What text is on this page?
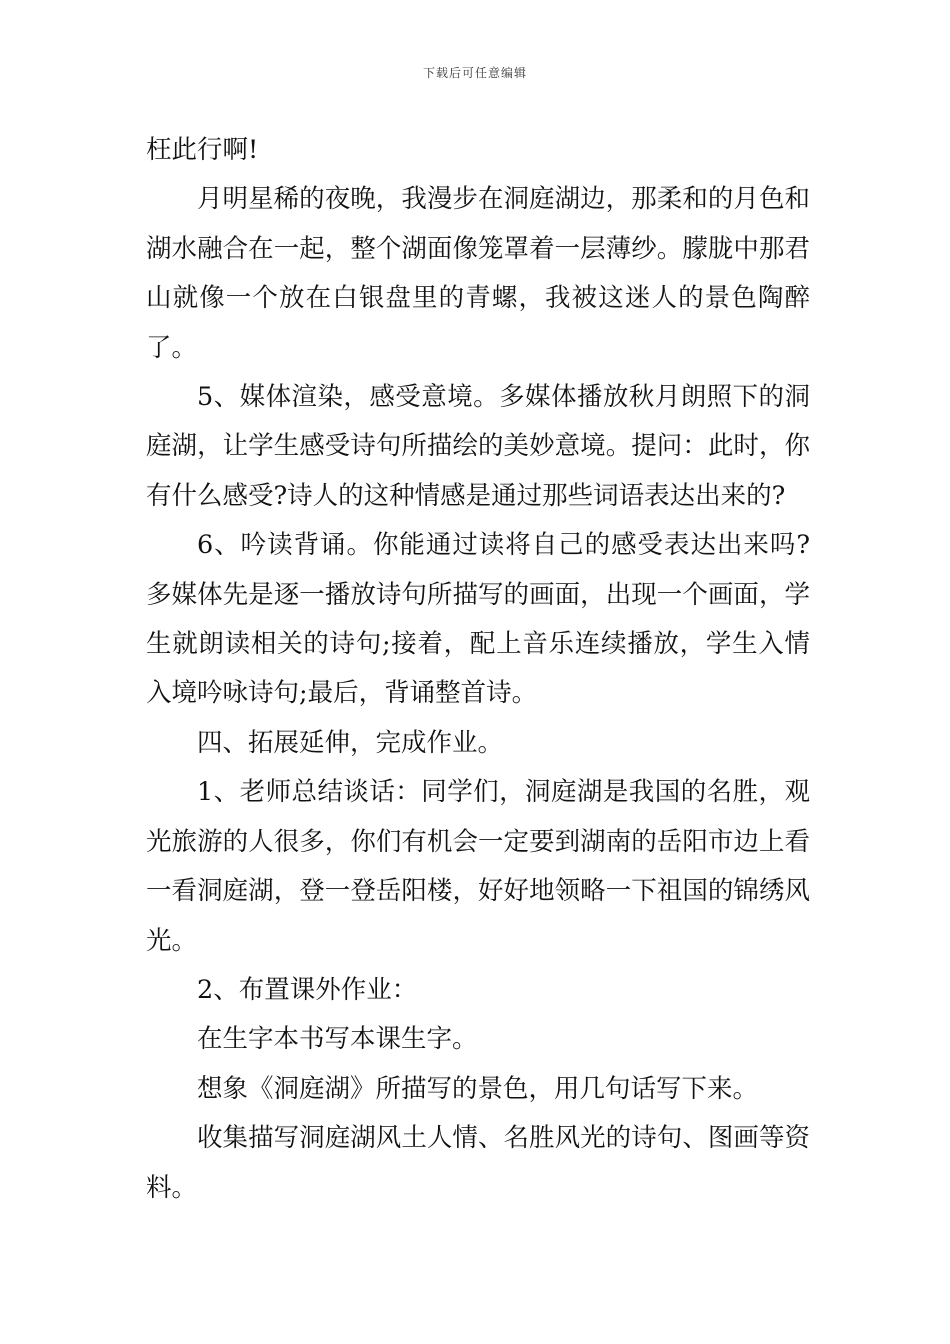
下载后可任意编辑

枉此行啊!

月明星稀的夜晚，我漫步在洞庭湖边，那柔和的月色和湖水融合在一起，整个湖面像笼罩着一层薄纱。朦胧中那君山就像一个放在白银盘里的青螺，我被这迷人的景色陶醉了。

5、媒体渲染，感受意境。多媒体播放秋月朗照下的洞庭湖，让学生感受诗句所描绘的美妙意境。提问：此时，你有什么感受?诗人的这种情感是通过那些词语表达出来的?

6、吟读背诵。你能通过读将自己的感受表达出来吗?多媒体先是逐一播放诗句所描写的画面，出现一个画面，学生就朗读相关的诗句;接着，配上音乐连续播放，学生入情入境吟咏诗句;最后，背诵整首诗。

四、拓展延伸，完成作业。

1、老师总结谈话：同学们，洞庭湖是我国的名胜，观光旅游的人很多，你们有机会一定要到湖南的岳阳市边上看一看洞庭湖，登一登岳阳楼，好好地领略一下祖国的锦绣风光。

2、布置课外作业：

在生字本书写本课生字。

想象《洞庭湖》所描写的景色，用几句话写下来。

收集描写洞庭湖风土人情、名胜风光的诗句、图画等资料。
